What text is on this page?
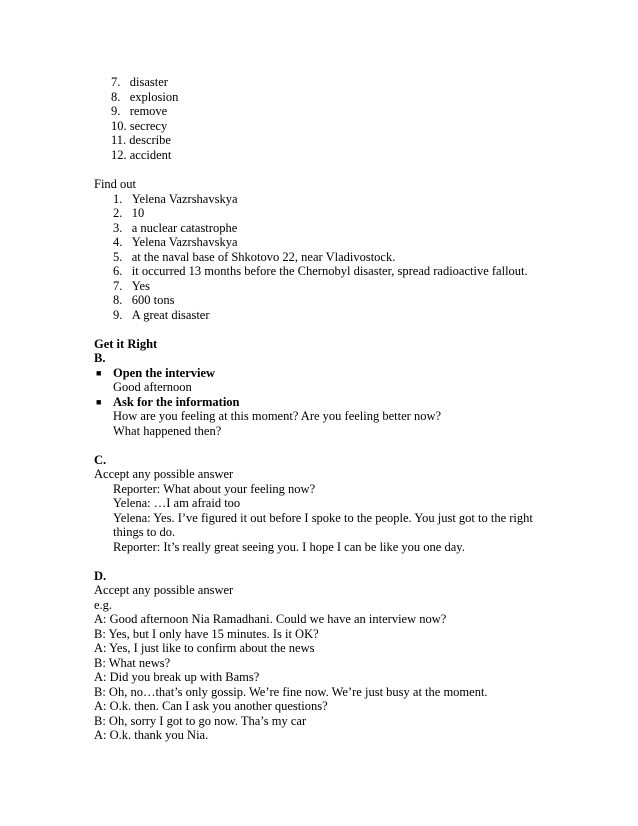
7. disaster
8. explosion
9. remove
10. secrecy
11. describe
12. accident
Find out
1. Yelena Vazrshavskya
2. 10
3. a nuclear catastrophe
4. Yelena Vazrshavskya
5. at the naval base of Shkotovo 22, near Vladivostock.
6. it occurred 13 months before the Chernobyl disaster, spread radioactive fallout.
7. Yes
8. 600 tons
9. A great disaster
Get it Right
B.
■ Open the interview
Good afternoon
■ Ask for the information
How are you feeling at this moment? Are you feeling better now?
What happened then?
C.
Accept any possible answer
Reporter: What about your feeling now?
Yelena: …I am afraid too
Yelena: Yes. I’ve figured it out before I spoke to the people. You just got to the right
things to do.
Reporter: It’s really great seeing you. I hope I can be like you one day.
D.
Accept any possible answer
e.g.
A: Good afternoon Nia Ramadhani. Could we have an interview now?
B: Yes, but I only have 15 minutes. Is it OK?
A: Yes, I just like to confirm about the news
B: What news?
A: Did you break up with Bams?
B: Oh, no…that’s only gossip. We’re fine now. We’re just busy at the moment.
A: O.k. then. Can I ask you another questions?
B: Oh, sorry I got to go now. Tha’s my car
A: O.k. thank you Nia.
